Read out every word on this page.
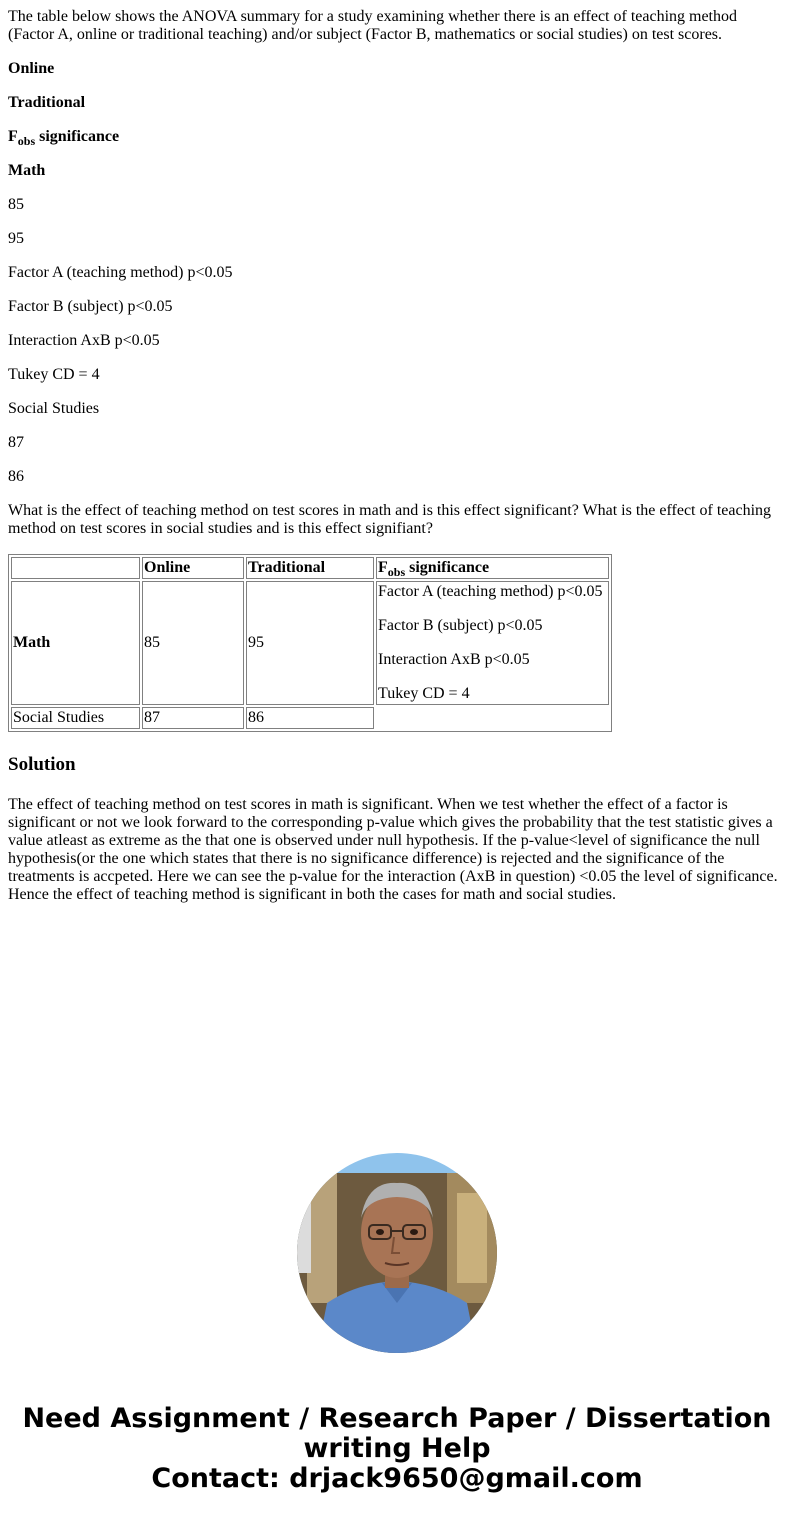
The table below shows the ANOVA summary for a study examining whether there is an effect of teaching method (Factor A, online or traditional teaching) and/or subject (Factor B, mathematics or social studies) on test scores.

Online

Traditional

$F_{obs}$ significance

Math

85

95

Factor A (teaching method) p<0.05

Factor B (subject) p<0.05

Interaction AxB p<0.05

Tukey CD = 4

Social Studies

87

86

What is the effect of teaching method on test scores in math and is this effect significant? What is the effect of teaching method on test scores in social studies and is this effect signifiant?

	Online	Traditional	$F_{obs}$ significance
Math	85	95	Factor A (teaching method) p<0.05

Factor B (subject) p<0.05

Interaction AxB p<0.05

Tukey CD = 4

Social Studies	87	86	
Solution

The effect of teaching method on test scores in math is significant. When we test whether the effect of a factor is significant or not we look forward to the corresponding p-value which gives the probability that the test statistic gives a value atleast as extreme as the that one is observed under null hypothesis. If the p-value<level of significance the null hypothesis(or the one which states that there is no significance difference) is rejected and the significance of the treatments is accpeted. Here we can see the p-value for the interaction (AxB in question) <0.05 the level of significance. Hence the effect of teaching method is significant in both the cases for math and social studies.

Need Assignment / Research Paper / Dissertation
writing Help
Contact: drjack9650@gmail.com
